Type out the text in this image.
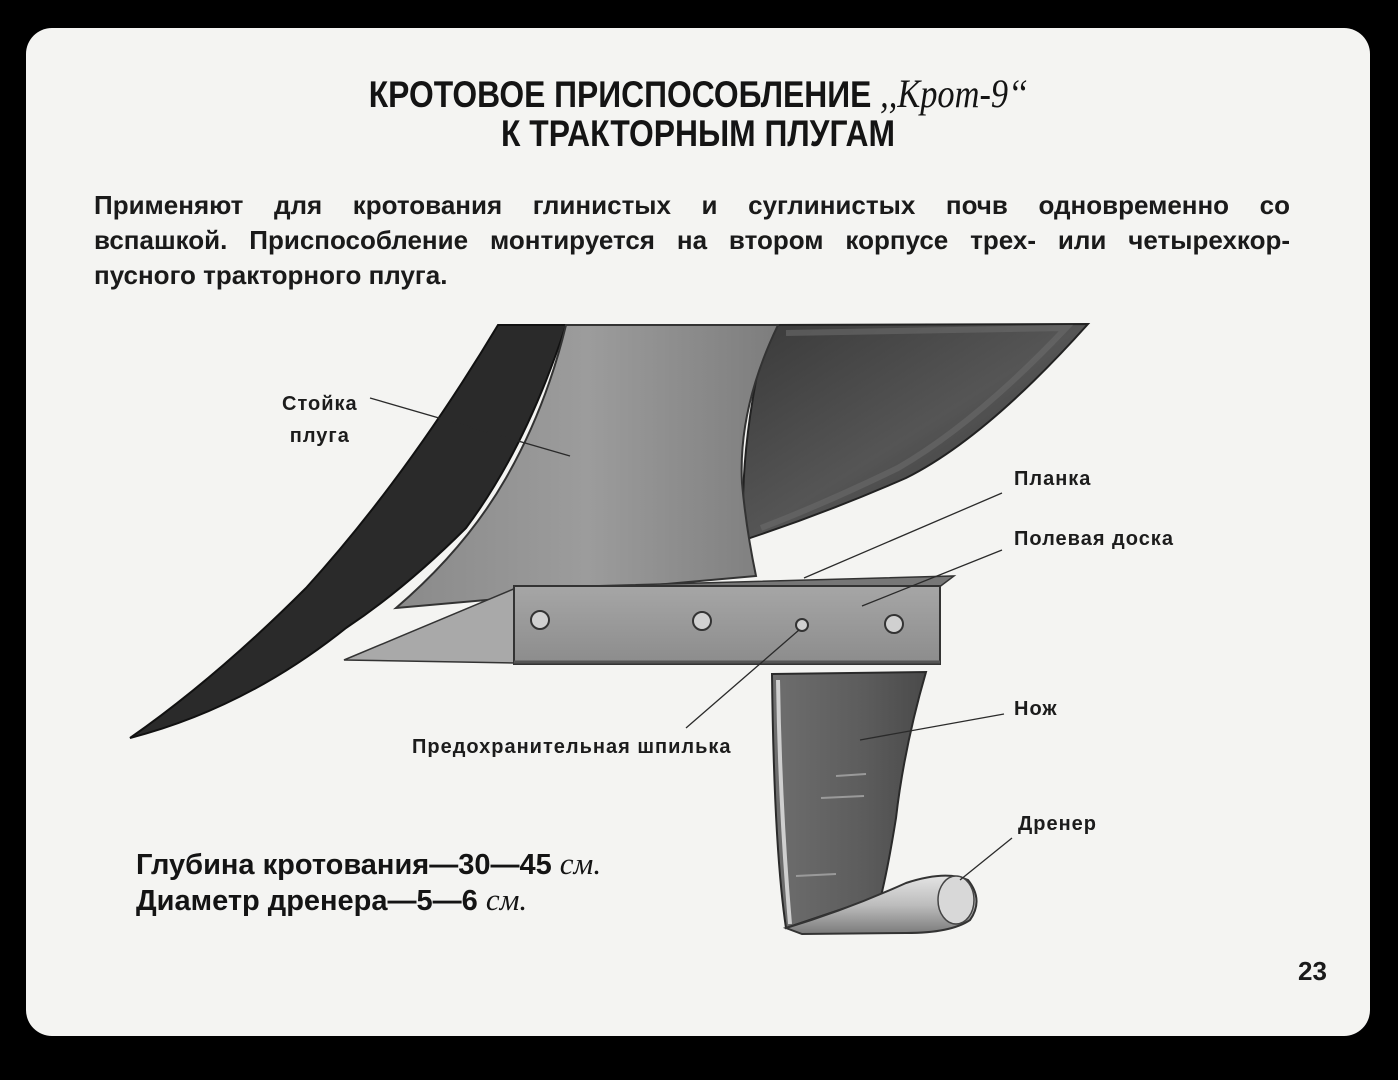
КРОТОВОЕ ПРИСПОСОБЛЕНИЕ ,,Крот-9‘‘
К ТРАКТОРНЫМ ПЛУГАМ
Применяют для кротования глинистых и суглинистых почв одновременно со
вспашкой. Приспособление монтируется на втором корпусе трех- или четырехкор-
пусного тракторного плуга.
Стойка
плуга
Планка
Полевая доска
Нож
Предохранительная шпилька
Дренер
Глубина кротования—30—45 см.
Диаметр дренера—5—6 см.
23
